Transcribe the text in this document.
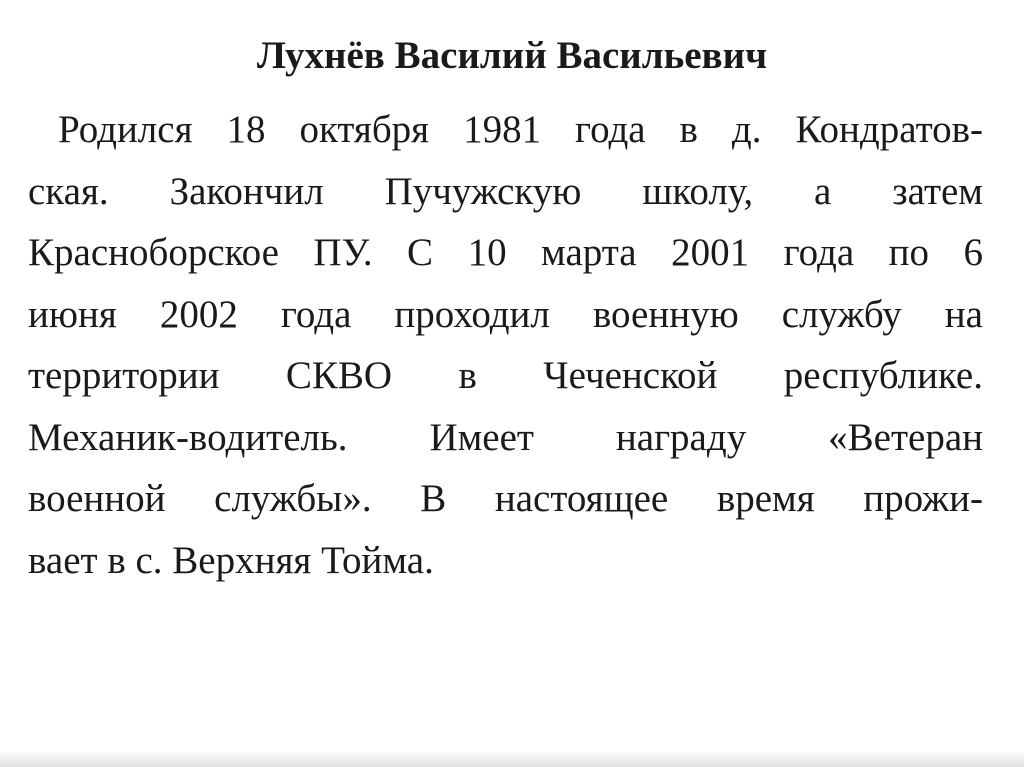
Лухнёв Василий Васильевич
Родился 18 октября 1981 года в д. Кондратов-
ская. Закончил Пучужскую школу, а затем
Красноборское ПУ. С 10 марта 2001 года по 6
июня 2002 года проходил военную службу на
территории СКВО в Чеченской республике.
Механик-водитель. Имеет награду «Ветеран
военной службы». В настоящее время прожи-
вает в с. Верхняя Тойма.
